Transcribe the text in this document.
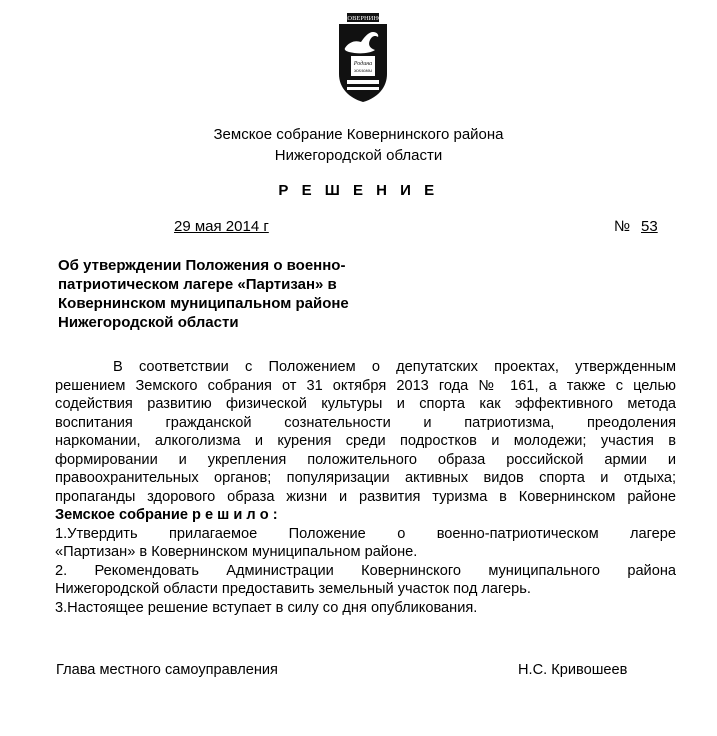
КОВЕРНИНО
Родина
хохломы
Земское собрание Ковернинского района
Нижегородской области
Р Е Ш Е Н И Е
29 мая 2014 г	№ 53
Об утверждении Положения о военно-
патриотическом лагере «Партизан» в
Ковернинском муниципальном районе
Нижегородской области
В соответствии с Положением о депутатских проектах, утвержденным
решением Земского собрания от 31 октября 2013 года № 161, а также с целью
содействия развитию физической культуры и спорта как эффективного метода
воспитания гражданской сознательности и патриотизма, преодоления
наркомании, алкоголизма и курения среди подростков и молодежи; участия в
формировании и укрепления положительного образа российской армии и
правоохранительных органов; популяризации активных видов спорта и отдыха;
пропаганды здорового образа жизни и развития туризма в Ковернинском районе
Земское собрание р е ш и л о :
1.Утвердить прилагаемое Положение о военно-патриотическом лагере
«Партизан» в Ковернинском муниципальном районе.
2. Рекомендовать Администрации Ковернинского муниципального района
Нижегородской области предоставить земельный участок под лагерь.
3.Настоящее решение вступает в силу со дня опубликования.
Глава местного самоуправления	Н.С. Кривошеев
